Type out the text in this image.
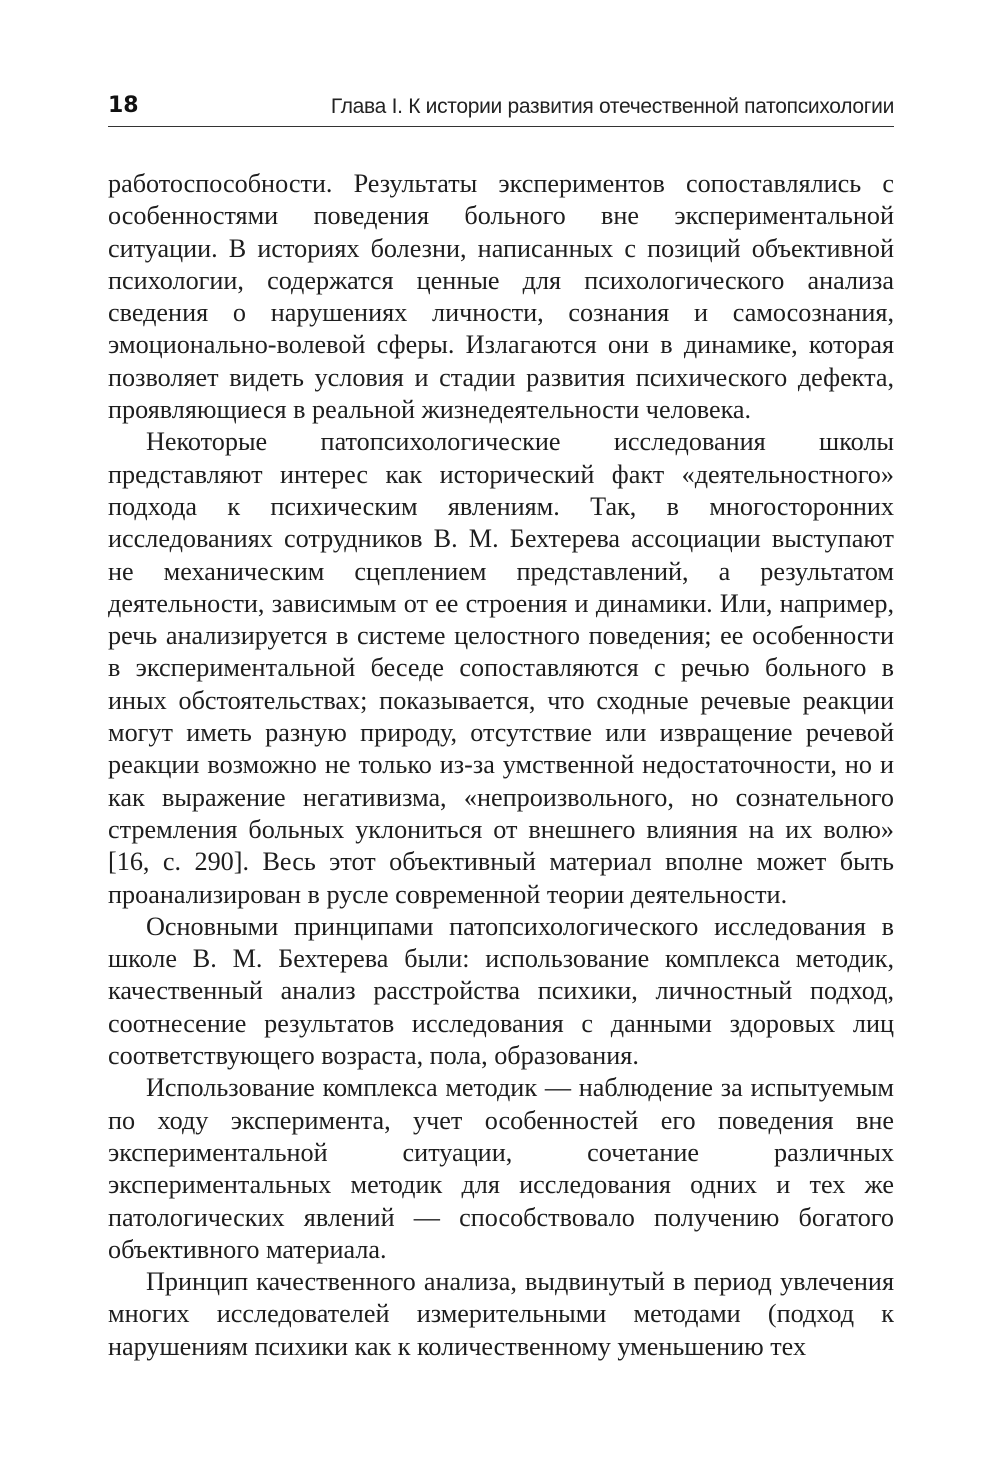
18	Глава I. К истории развития отечественной патопсихологии

работоспособности. Результаты экспериментов сопоставлялись с особенностями поведения больного вне экспериментальной ситуации. В историях болезни, написанных с позиций объективной психологии, содержатся ценные для психологического анализа сведения о нарушениях личности, сознания и самосознания, эмоционально-волевой сферы. Излагаются они в динамике, которая позволяет видеть условия и стадии развития психического дефекта, проявляющиеся в реальной жизнедеятельности человека.

Некоторые патопсихологические исследования школы представляют интерес как исторический факт «деятельностного» подхода к психическим явлениям. Так, в многосторонних исследованиях сотрудников В. М. Бехтерева ассоциации выступают не механическим сцеплением представлений, а результатом деятельности, зависимым от ее строения и динамики. Или, например, речь анализируется в системе целостного поведения; ее особенности в экспериментальной беседе сопоставляются с речью больного в иных обстоятельствах; показывается, что сходные речевые реакции могут иметь разную природу, отсутствие или извращение речевой реакции возможно не только из-за умственной недостаточности, но и как выражение негативизма, «непроизвольного, но сознательного стремления больных уклониться от внешнего влияния на их волю» [16, с. 290]. Весь этот объективный материал вполне может быть проанализирован в русле современной теории деятельности.

Основными принципами патопсихологического исследования в школе В. М. Бехтерева были: использование комплекса методик, качественный анализ расстройства психики, личностный подход, соотнесение результатов исследования с данными здоровых лиц соответствующего возраста, пола, образования.

Использование комплекса методик — наблюдение за испытуемым по ходу эксперимента, учет особенностей его поведения вне экспериментальной ситуации, сочетание различных экспериментальных методик для исследования одних и тех же патологических явлений — способствовало получению богатого объективного материала.

Принцип качественного анализа, выдвинутый в период увлечения многих исследователей измерительными методами (подход к нарушениям психики как к количественному уменьшению тех
